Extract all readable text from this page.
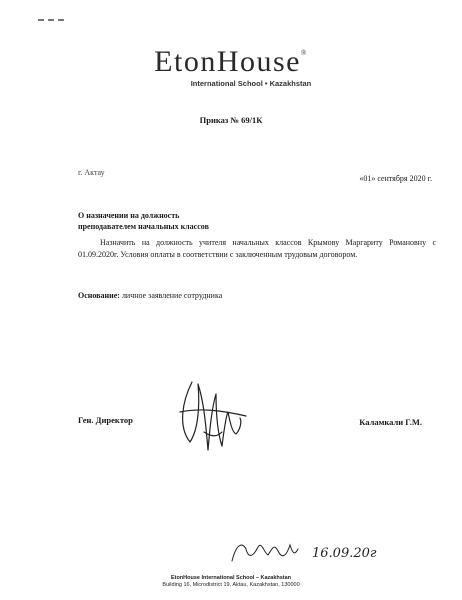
EtonHouse®
International School • Kazakhstan
Приказ № 69/1К
г. Актау
«01» сентября 2020 г.
О назначении на должность
преподавателем начальных классов
Назначить на должность учителя начальных классов Крымову Маргариту Романовну с 01.09.2020г. Условия оплаты в соответствии с заключенным трудовым договором.
Основание: личное заявление сотрудника
Ген. Директор	Каламкали Г.М.
16.09.20г
EtonHouse International School – Kazakhstan
Building 16, Microdistrict 19, Aktau, Kazakhstan, 130000
